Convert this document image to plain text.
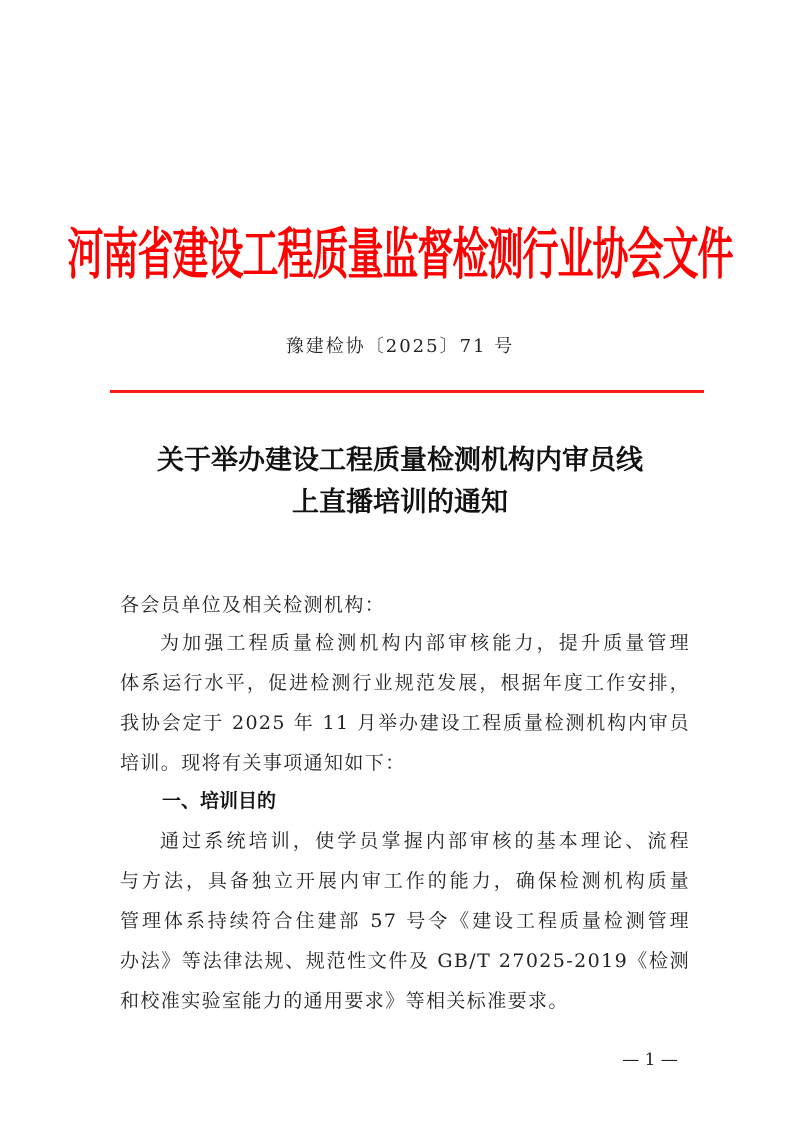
河南省建设工程质量监督检测行业协会文件
豫建检协〔2025〕71 号
关于举办建设工程质量检测机构内审员线
上直播培训的通知
各会员单位及相关检测机构：
为加强工程质量检测机构内部审核能力，提升质量管理
体系运行水平，促进检测行业规范发展，根据年度工作安排，
我协会定于 2025 年 11 月举办建设工程质量检测机构内审员
培训。现将有关事项通知如下：
一、培训目的
通过系统培训，使学员掌握内部审核的基本理论、流程
与方法，具备独立开展内审工作的能力，确保检测机构质量
管理体系持续符合住建部 57 号令《建设工程质量检测管理
办法》等法律法规、规范性文件及 GB/T 27025-2019《检测
和校准实验室能力的通用要求》等相关标准要求。
— 1 —
